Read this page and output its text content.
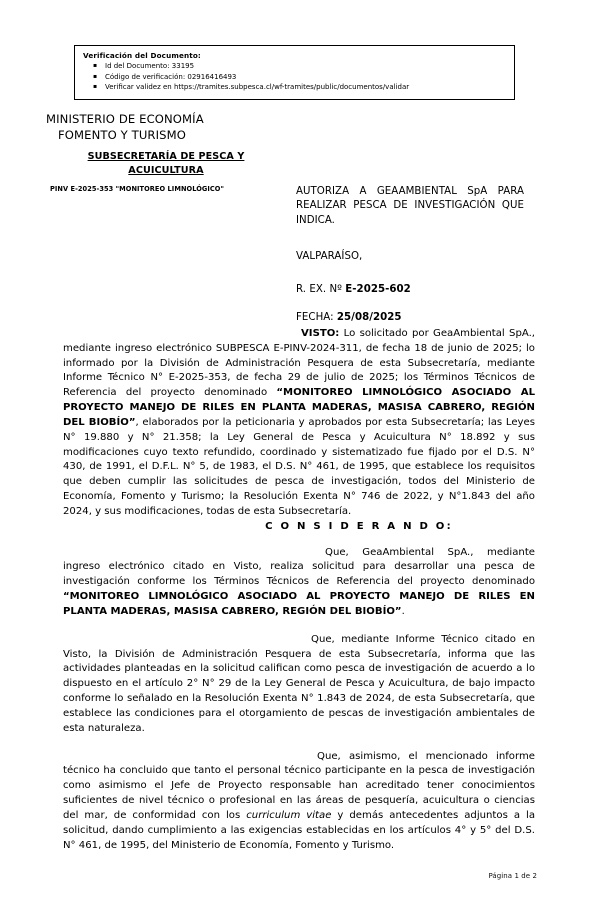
Verificación del Documento:
▪ Id del Documento: 33195
▪ Código de verificación: 02916416493
▪ Verificar validez en https://tramites.subpesca.cl/wf-tramites/public/documentos/validar
MINISTERIO DE ECONOMÍA
FOMENTO Y TURISMO
SUBSECRETARÍA DE PESCA Y
ACUICULTURA
PINV E-2025-353 "MONITOREO LIMNOLÓGICO"	AUTORIZA A GEAAMBIENTAL SpA PARA REALIZAR PESCA DE INVESTIGACIÓN QUE INDICA.
VALPARAÍSO,
R. EX. Nº E-2025-602
FECHA: 25/08/2025

VISTO: Lo solicitado por GeaAmbiental SpA., mediante ingreso electrónico SUBPESCA E-PINV-2024-311, de fecha 18 de junio de 2025; lo informado por la División de Administración Pesquera de esta Subsecretaría, mediante Informe Técnico N° E-2025-353, de fecha 29 de julio de 2025; los Términos Técnicos de Referencia del proyecto denominado “MONITOREO LIMNOLÓGICO ASOCIADO AL PROYECTO MANEJO DE RILES EN PLANTA MADERAS, MASISA CABRERO, REGIÓN DEL BIOBÍO”, elaborados por la peticionaria y aprobados por esta Subsecretaría; las Leyes N° 19.880 y N° 21.358; la Ley General de Pesca y Acuicultura N° 18.892 y sus modificaciones cuyo texto refundido, coordinado y sistematizado fue fijado por el D.S. N° 430, de 1991, el D.F.L. N° 5, de 1983, el D.S. N° 461, de 1995, que establece los requisitos que deben cumplir las solicitudes de pesca de investigación, todos del Ministerio de Economía, Fomento y Turismo; la Resolución Exenta N° 746 de 2022, y N°1.843 del año 2024, y sus modificaciones, todas de esta Subsecretaría.

C O N S I D E R A N D O:

Que, GeaAmbiental SpA., mediante ingreso electrónico citado en Visto, realiza solicitud para desarrollar una pesca de investigación conforme los Términos Técnicos de Referencia del proyecto denominado “MONITOREO LIMNOLÓGICO ASOCIADO AL PROYECTO MANEJO DE RILES EN PLANTA MADERAS, MASISA CABRERO, REGIÓN DEL BIOBÍO”.

Que, mediante Informe Técnico citado en Visto, la División de Administración Pesquera de esta Subsecretaría, informa que las actividades planteadas en la solicitud califican como pesca de investigación de acuerdo a lo dispuesto en el artículo 2° N° 29 de la Ley General de Pesca y Acuicultura, de bajo impacto conforme lo señalado en la Resolución Exenta N° 1.843 de 2024, de esta Subsecretaría, que establece las condiciones para el otorgamiento de pescas de investigación ambientales de esta naturaleza.

Que, asimismo, el mencionado informe técnico ha concluido que tanto el personal técnico participante en la pesca de investigación como asimismo el Jefe de Proyecto responsable han acreditado tener conocimientos suficientes de nivel técnico o profesional en las áreas de pesquería, acuicultura o ciencias del mar, de conformidad con los curriculum vitae y demás antecedentes adjuntos a la solicitud, dando cumplimiento a las exigencias establecidas en los artículos 4° y 5° del D.S. N° 461, de 1995, del Ministerio de Economía, Fomento y Turismo.

Página 1 de 2
